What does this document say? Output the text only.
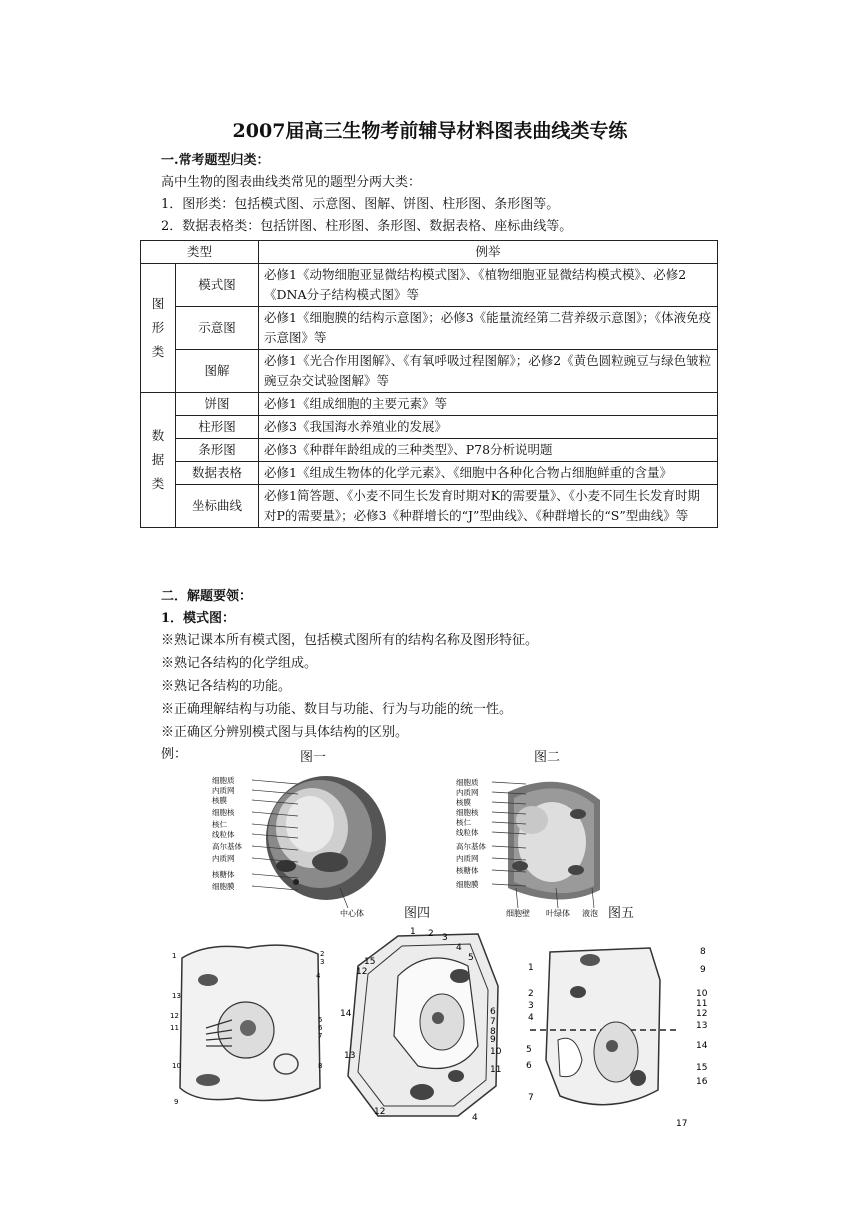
2007届高三生物考前辅导材料图表曲线类专练
一.常考题型归类：
高中生物的图表曲线类常见的题型分两大类：
1．图形类：包括模式图、示意图、图解、饼图、柱形图、条形图等。
2．数据表格类：包括饼图、柱形图、条形图、数据表格、座标曲线等。
类型		例举
图形类	模式图	必修1《动物细胞亚显微结构模式图》、《植物细胞亚显微结构模式模》、必修2《DNA分子结构模式图》等
	示意图	必修1《细胞膜的结构示意图》；必修3《能量流经第二营养级示意图》；《体液免疫示意图》等
	图解	必修1《光合作用图解》、《有氧呼吸过程图解》；必修2《黄色圆粒豌豆与绿色皱粒豌豆杂交试验图解》等
数据类	饼图	必修1《组成细胞的主要元素》等
	柱形图	必修3《我国海水养殖业的发展》
	条形图	必修3《种群年龄组成的三种类型》、P78分析说明题
	数据表格	必修1《组成生物体的化学元素》、《细胞中各种化合物占细胞鲜重的含量》
	坐标曲线	必修1简答题、《小麦不同生长发育时期对K的需要量》、《小麦不同生长发育时期对P的需要量》；必修3《种群增长的“J”型曲线》、《种群增长的“S”型曲线》等
二．解题要领：
1．模式图：
※熟记课本所有模式图，包括模式图所有的结构名称及图形特征。
※熟记各结构的化学组成。
※熟记各结构的功能。
※正确理解结构与功能、数目与功能、行为与功能的统一性。
※正确区分辨别模式图与具体结构的区别。
例：	图一	图二
图四	图五
细胞质
内质网
核膜
细胞核
核仁
线粒体
高尔基体
内质网
核糖体
细胞膜
中心体
细胞质
内质网
核膜
细胞核
核仁
线粒体
高尔基体
内质网
核糖体
细胞膜
细胞壁 叶绿体 液泡
1	2
3
4
5
6
7
8
9
10
11
12
13
1 2 3
4
5
6
7
8
9
10
11
12
13
14
15
12
4
1
2
3
4
5
6
7
8
9
10
11
12
13
14
15
16
17
